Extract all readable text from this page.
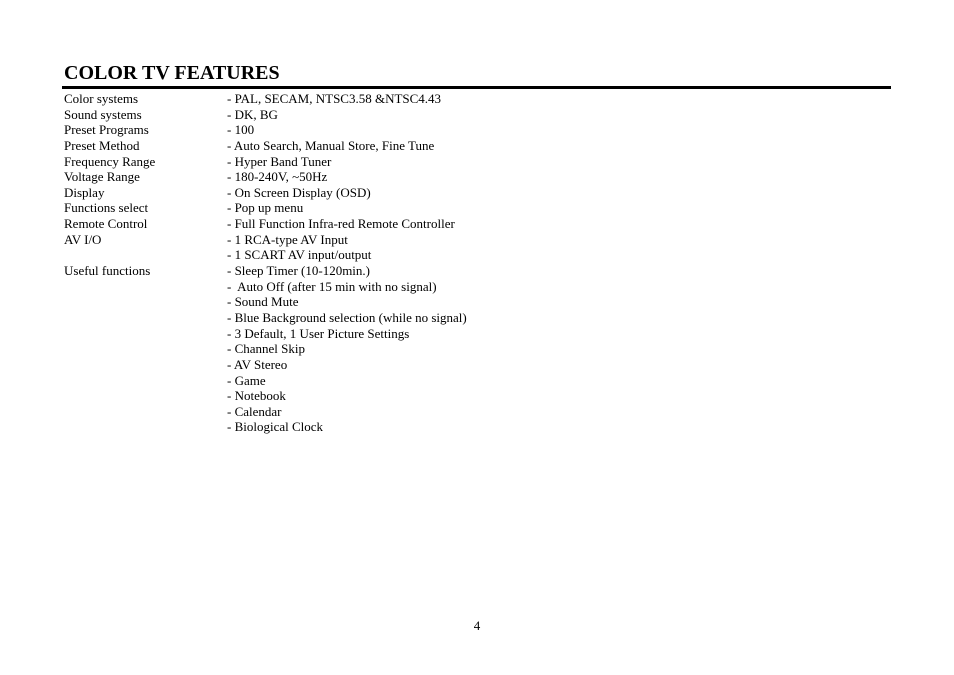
COLOR TV FEATURES
Color systems	- PAL, SECAM, NTSC3.58 &NTSC4.43
Sound systems	- DK, BG
Preset Programs	- 100
Preset Method	- Auto Search, Manual Store, Fine Tune
Frequency Range	- Hyper Band Tuner
Voltage Range	- 180-240V, ~50Hz
Display	- On Screen Display (OSD)
Functions select	- Pop up menu
Remote Control	- Full Function Infra-red Remote Controller
AV I/O	- 1 RCA-type AV Input
- 1 SCART AV input/output
Useful functions	- Sleep Timer (10-120min.)
-  Auto Off (after 15 min with no signal)
- Sound Mute
- Blue Background selection (while no signal)
- 3 Default, 1 User Picture Settings
- Channel Skip
- AV Stereo
- Game
- Notebook
- Calendar
- Biological Clock
4
